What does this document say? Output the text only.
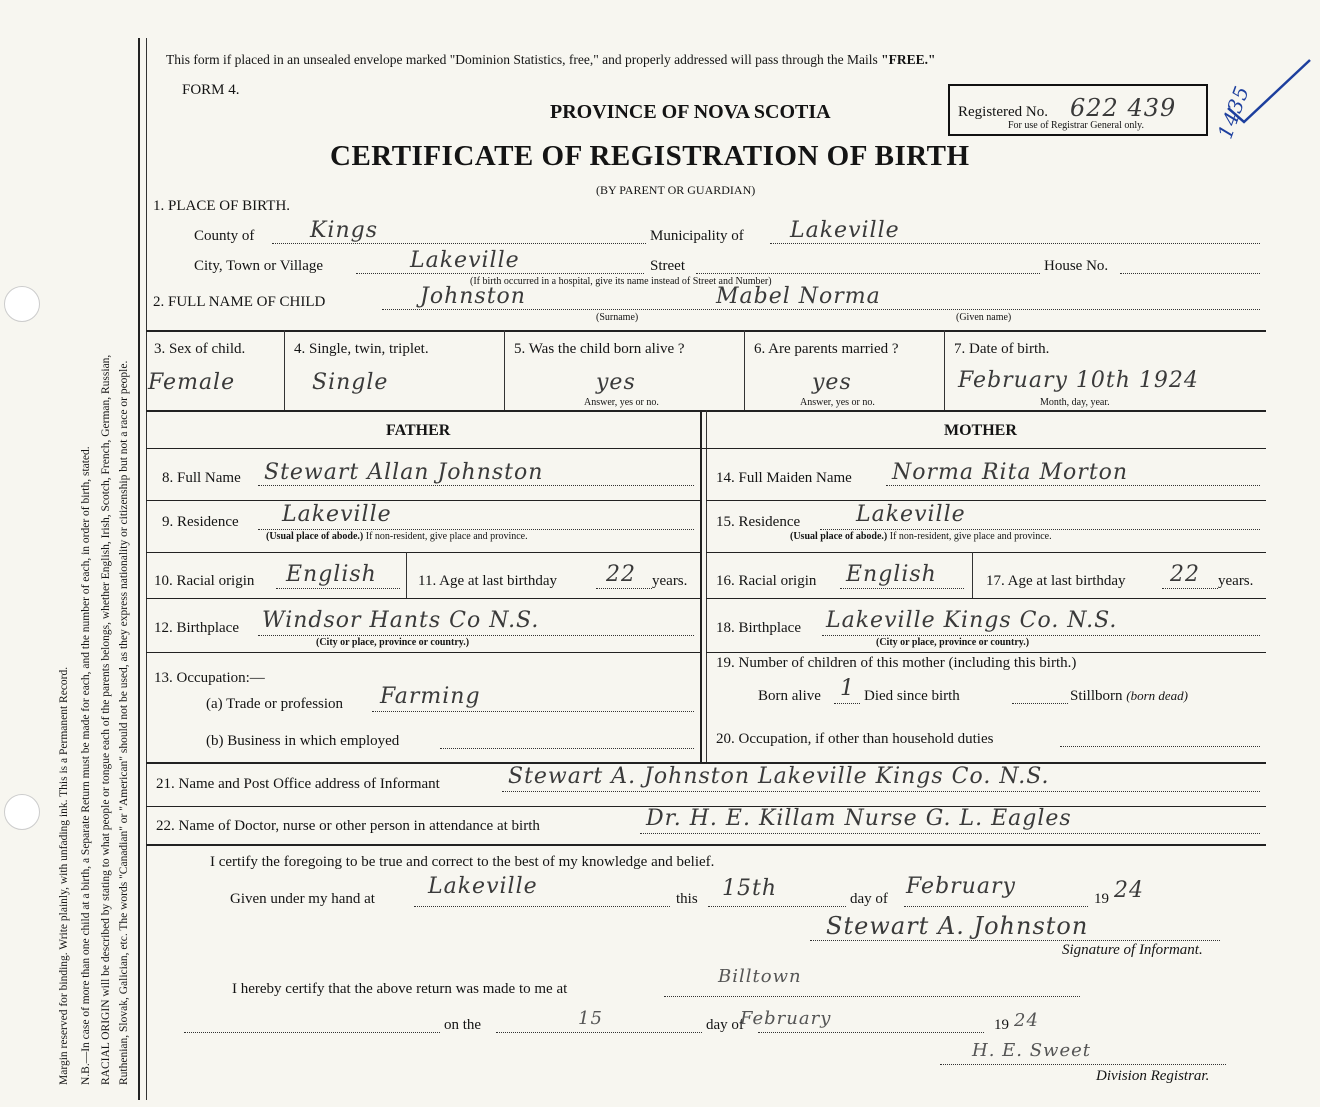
Margin reserved for binding. Write plainly, with unfading ink. This is a Permanent Record. N.B.—In case of more than one child at a birth, a Separate Return must be made for each, and the number of each, in order of birth, stated. RACIAL ORIGIN will be described by stating to what people or tongue each of the parents belongs, whether English, Irish, Scotch, French, German, Russian, Ruthenian, Slovak, Galician, etc. The words "Canadian" or "American" should not be used, as they express nationality or citizenship but not a race or people.
This form if placed in an unsealed envelope marked "Dominion Statistics, free," and properly addressed will pass through the Mails "FREE."
FORM 4.
PROVINCE OF NOVA SCOTIA
CERTIFICATE OF REGISTRATION OF BIRTH
(BY PARENT OR GUARDIAN)
Registered No. 622 439
For use of Registrar General only.	1435
1. PLACE OF BIRTH.
County of	Kings	Municipality of Lakeville
City, Town or Village	Lakeville	Street	House No.
(If birth occurred in a hospital, give its name instead of Street and Number)
2. FULL NAME OF CHILD	Johnston	Mabel Norma
(Surname)	(Given name)
3. Sex of child.
Female
4. Single, twin, triplet.
Single
5. Was the child born alive ?
yes
Answer, yes or no.
6. Are parents married ?
yes
Answer, yes or no.
7. Date of birth.
February 10th 1924
Month, day, year.
FATHER	MOTHER
8. Full Name Stewart Allan Johnston
9. Residence Lakeville
(Usual place of abode.) If non-resident, give place and province.
10. Racial origin English	11. Age at last birthday 22 years.
12. Birthplace Windsor Hants Co N.S.
(City or place, province or country.)
13. Occupation:—
(a) Trade or profession Farming
(b) Business in which employed
14. Full Maiden Name Norma Rita Morton
15. Residence	Lakeville
(Usual place of abode.) If non-resident, give place and province.
16. Racial origin English	17. Age at last birthday 22 years.
18. Birthplace Lakeville Kings Co. N.S.
(City or place, province or country.)
19. Number of children of this mother (including this birth.)
Born alive 1 Died since birth	Stillborn (born dead)
20. Occupation, if other than household duties
21. Name and Post Office address of Informant	Stewart A. Johnston Lakeville Kings Co. N.S.
22. Name of Doctor, nurse or other person in attendance at birth	Dr. H. E. Killam Nurse G. L. Eagles
I certify the foregoing to be true and correct to the best of my knowledge and belief.
Given under my hand at Lakeville	this 15th	day of February	19 24
Stewart A. Johnston
Signature of Informant.
I hereby certify that the above return was made to me at
Billtown
on the	15	day of
February	19 24
H. E. Sweet
Division Registrar.
